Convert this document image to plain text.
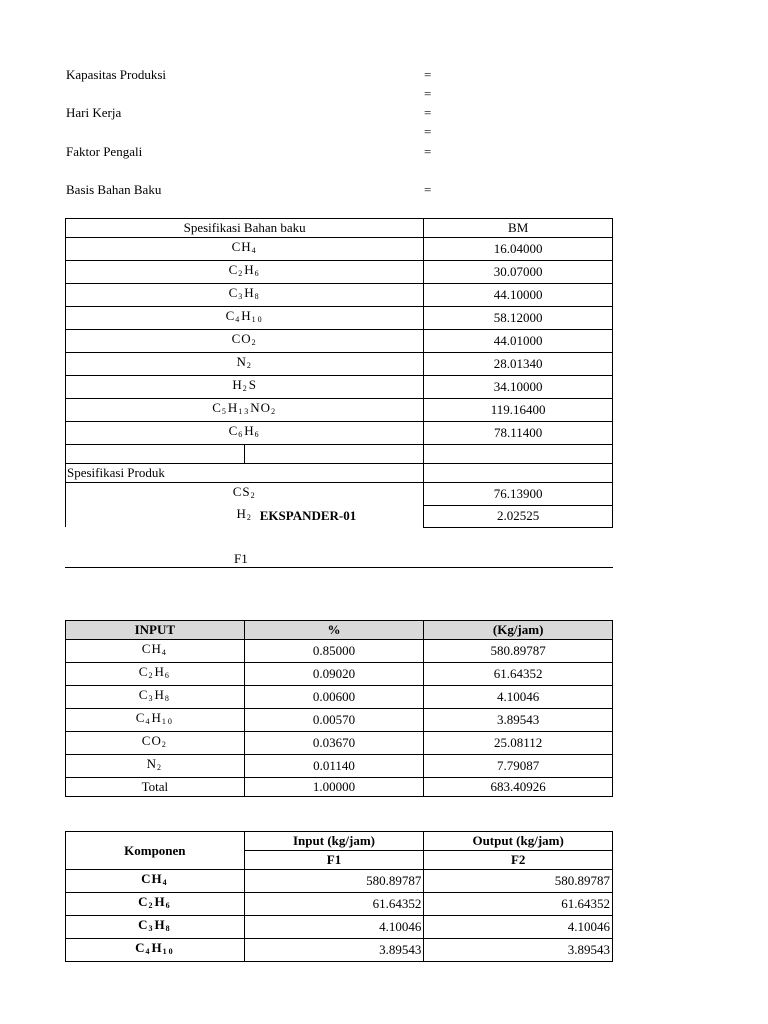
Kapasitas Produksi	=
=
Hari Kerja	=
=
Faktor Pengali	=
Basis Bahan Baku	=
Spesifikasi Bahan baku		BM
$CH_4$		16.04000
$C_2H_6$		30.07000
$C_3H_8$		44.10000
$C_4H_{10}$		58.12000
$CO_2$		44.01000
$N_2$		28.01340
$H_2S$		34.10000
$C_5H_{13}NO_2$		119.16400
$C_6H_6$		78.11400

Spesifikasi Produk		
$CS_2$		76.13900
$H_2$		2.02525
EKSPANDER-01
F1
INPUT	%	(Kg/jam)
$CH_4$	0.85000	580.89787
$C_2H_6$	0.09020	61.64352
$C_3H_8$	0.00600	4.10046
$C_4H_{10}$	0.00570	3.89543
$CO_2$	0.03670	25.08112
$N_2$	0.01140	7.79087
Total	1.00000	683.40926
Komponen	Input (kg/jam)	Output (kg/jam)
	F1	F2
$CH_4$	580.89787	580.89787
$C_2H_6$	61.64352	61.64352
$C_3H_8$	4.10046	4.10046
$C_4H_{10}$	3.89543	3.89543
